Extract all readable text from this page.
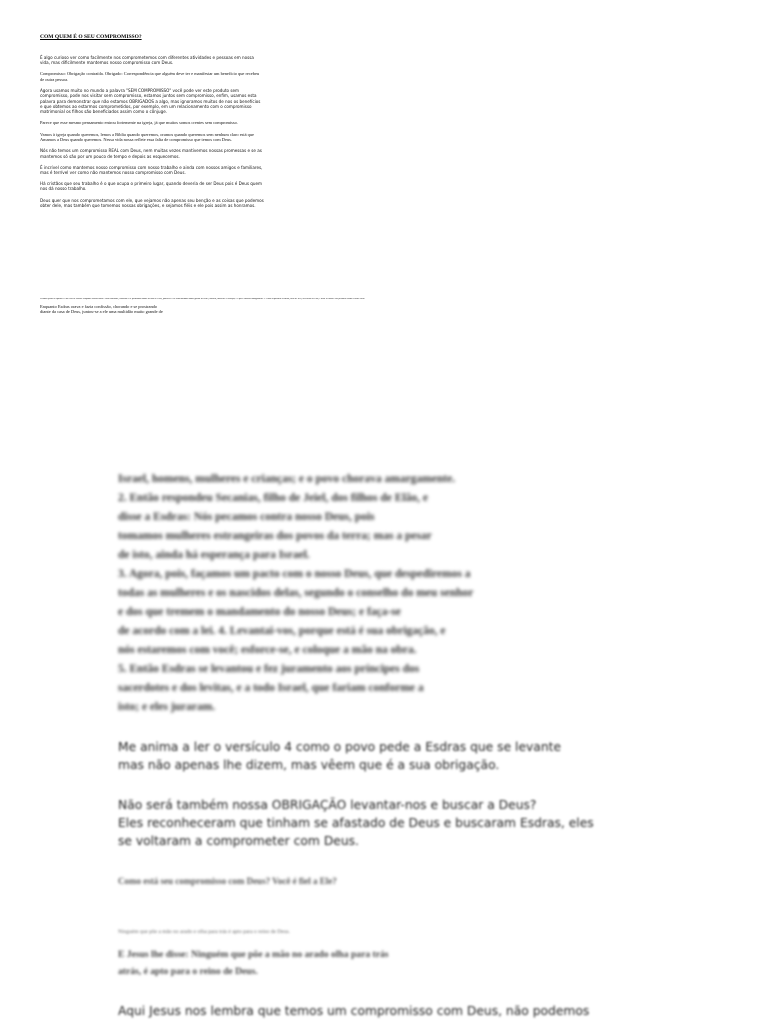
COM QUEM É O SEU COMPROMISSO?

É algo curioso ver como facilmente nos comprometemos com diferentes atividades e pessoas em nossa vida, mas dificilmente mantemos nosso compromisso com Deus.

Compromisso: Obrigação contraída. Obrigado: Correspondência que alguém deve ter e manifestar um benefício que recebeu de outra pessoa.

Agora usamos muito no mundo a palavra "SEM COMPROMISSO" você pode ver este produto sem compromisso, pode nos visitar sem compromisso, estamos juntos sem compromisso, enfim, usamos esta palavra para demonstrar que não estamos OBRIGADOS a algo, mas ignoramos muitos de nos os benefícios e que obtemos ao estarmos comprometidos, por exemplo, em um relacionamento com o compromisso matrimonial os filhos são beneficiados assim como o cônjuge.

Parece que esse mesmo pensamento entrou fortemente na igreja, já que muitos somos crentes sem compromisso.

Vamos à igreja quando queremos, lemos a Bíblia quando queremos, oramos quando queremos sem nenhum claro está que Amamos a Deus quando queremos. Nessa vida nossa reflete essa falta de compromisso que temos com Deus.

Nós não temos um compromisso REAL com Deus, nem muitas vezes mantivemos nossas promessas e se as mantemos só são por um pouco de tempo e depois as esquecemos.

É incrível como mantemos nosso compromisso com nosso trabalho e ainda com nossos amigos e familiares, mas é terrível ver como não mantemos nosso compromisso com Deus.

Há cristãos que seu trabalho é o que ocupa o primeiro lugar, quando deveria de ser Deus pois é Deus quem nos dá nosso trabalho.

Deus quer que nos comprometamos com ele, que vejamos não apenas seu benção e as coisas que podemos obter dele, mas também que tomemos nossas obrigações, e sejamos fiéis e ele pois assim as honramos.

Leiamos juntos o capítulo 10 do livro de Esdras: Enquanto Esdras orava e fazia confissão, chorando e se prostrando diante da casa de Deus, juntou-se a ele uma multidão muito grande de Israel, homens, mulheres e crianças; e o povo chorava amargamente. 2. Então respondeu Secanias, filho de Jeiel, dos filhos de Elão, e disse a Esdras: Nós pecamos contra o nosso Deus.
Enquanto Esdras orava e fazia confissão, chorando e se prostrando
diante da casa de Deus, juntou-se a ele uma multidão muito grande de
Israel, homens, mulheres e crianças; e o povo chorava amargamente.
2. Então respondeu Secanias, filho de Jeiel, dos filhos de Elão, e
disse a Esdras: Nós pecamos contra nosso Deus, pois
tomamos mulheres estrangeiras dos povos da terra; mas a pesar
de isto, ainda há esperança para Israel.
3. Agora, pois, façamos um pacto com o nosso Deus, que despediremos a
todas as mulheres e os nascidos delas, segundo o conselho do meu senhor
e dos que tremem o mandamento do nosso Deus; e faça-se
de acordo com a lei. 4. Levantai-vos, porque está é sua obrigação, e
nós estaremos com você; esforce-se, e coloque a mão na obra.
5. Então Esdras se levantou e fez juramento aos príncipes dos
sacerdotes e dos levitas, e a todo Israel, que fariam conforme a
isto; e eles juraram.
Me anima a ler o versículo 4 como o povo pede a Esdras que se levante
mas não apenas lhe dizem, mas vêem que é a sua obrigação.
Não será também nossa OBRIGAÇÃO levantar-nos e buscar a Deus?
Eles reconheceram que tinham se afastado de Deus e buscaram Esdras, eles
se voltaram a comprometer com Deus.
Como está seu compromisso com Deus? Você é fiel a Ele?
Ninguém que põe a mão no arado e olha para trás é apto para o reino de Deus.
E Jesus lhe disse: Ninguém que põe a mão no arado olha para trás
atrás, é apto para o reino de Deus.
Aqui Jesus nos lembra que temos um compromisso com Deus, não podemos
